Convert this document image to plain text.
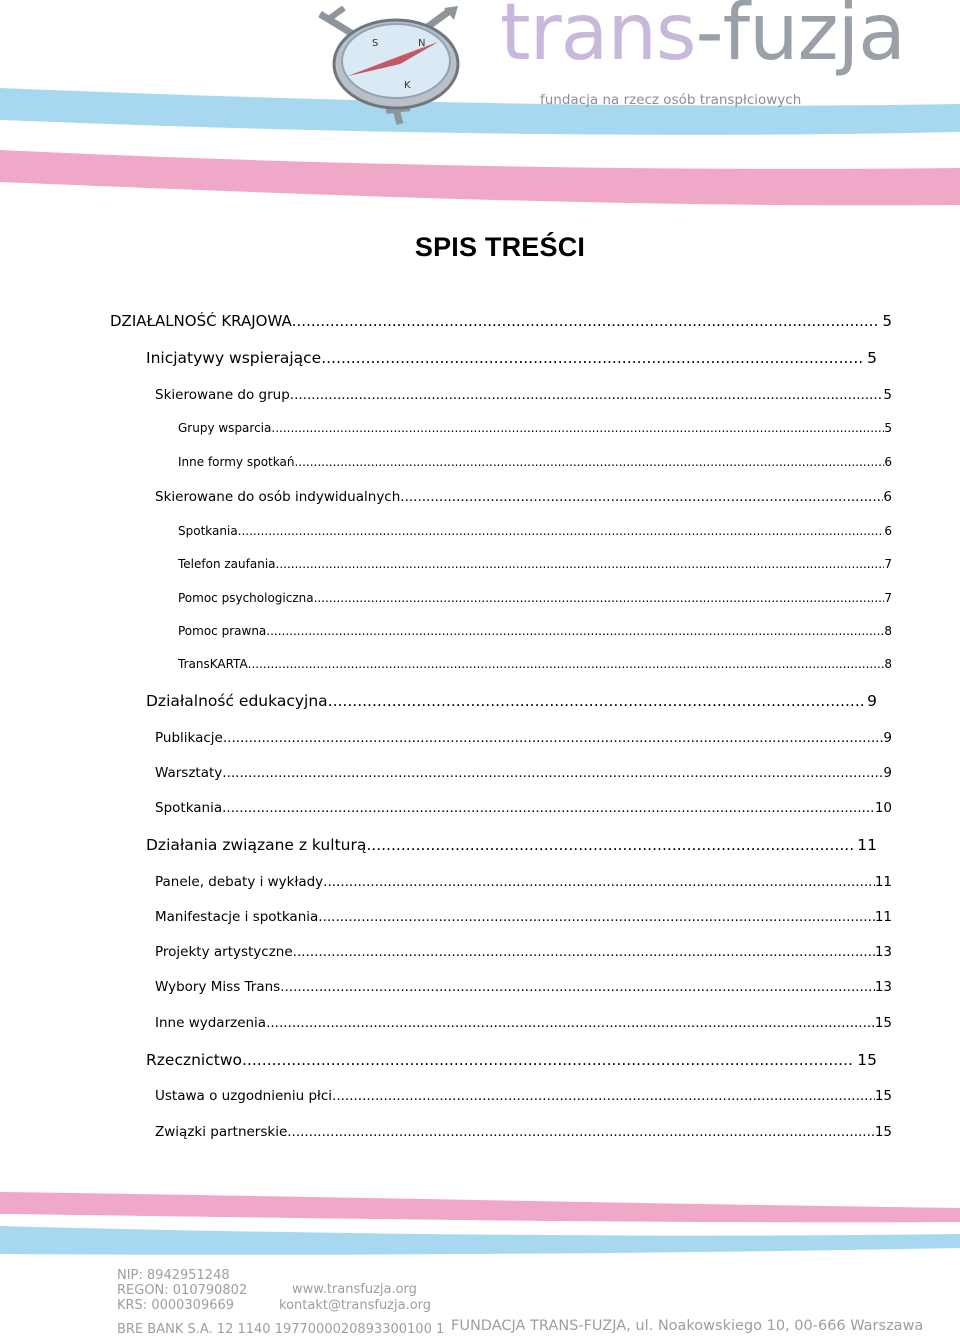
N
S
K
trans-fuzja
fundacja na rzecz osób transpłciowych
SPIS TREŚCI
DZIAŁALNOŚĆ KRAJOWA .....	5
Inicjatywy wspierające .....	5
Skierowane do grup .....	5
Grupy wsparcia .....	5
Inne formy spotkań .....	6
Skierowane do osób indywidualnych .....	6
Spotkania .....	6
Telefon zaufania .....	7
Pomoc psychologiczna .....	7
Pomoc prawna .....	8
TransKARTA .....	8
Działalność edukacyjna .....	9
Publikacje .....	9
Warsztaty .....	9
Spotkania .....	10
Działania związane z kulturą .....	11
Panele, debaty i wykłady .....	11
Manifestacje i spotkania .....	11
Projekty artystyczne .....	13
Wybory Miss Trans .....	13
Inne wydarzenia .....	15
Rzecznictwo .....	15
Ustawa o uzgodnieniu płci .....	15
Związki partnerskie .....	15
NIP: 8942951248
REGON: 010790802
KRS: 0000309669
www.transfuzja.org
kontakt@transfuzja.org
BRE BANK S.A. 12 1140 1977000020893300100 1 FUNDACJA TRANS-FUZJA, ul. Noakowskiego 10, 00-666 Warszawa
